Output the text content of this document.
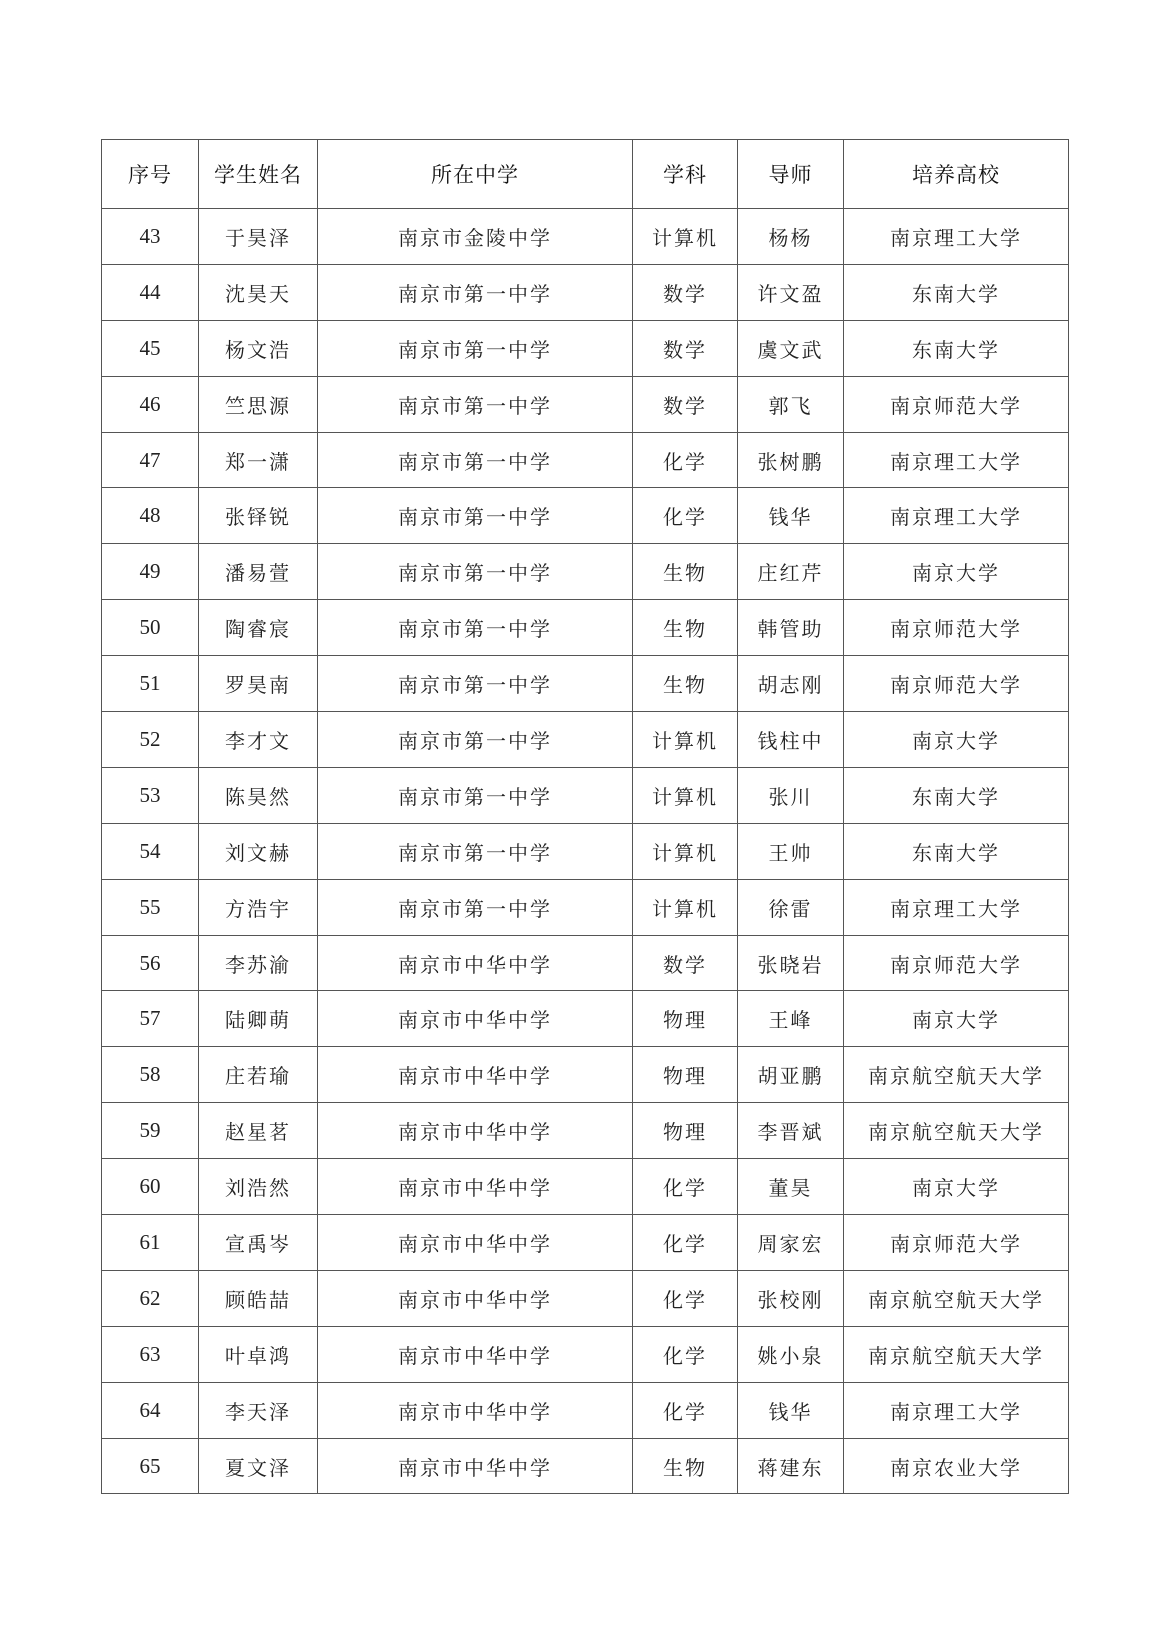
序号	学生姓名	所在中学	学科	导师	培养高校
43	于昊泽	南京市金陵中学	计算机	杨杨	南京理工大学
44	沈昊天	南京市第一中学	数学	许文盈	东南大学
45	杨文浩	南京市第一中学	数学	虞文武	东南大学
46	竺思源	南京市第一中学	数学	郭飞	南京师范大学
47	郑一潇	南京市第一中学	化学	张树鹏	南京理工大学
48	张铎锐	南京市第一中学	化学	钱华	南京理工大学
49	潘易萱	南京市第一中学	生物	庄红芹	南京大学
50	陶睿宸	南京市第一中学	生物	韩管助	南京师范大学
51	罗昊南	南京市第一中学	生物	胡志刚	南京师范大学
52	李才文	南京市第一中学	计算机	钱柱中	南京大学
53	陈昊然	南京市第一中学	计算机	张川	东南大学
54	刘文赫	南京市第一中学	计算机	王帅	东南大学
55	方浩宇	南京市第一中学	计算机	徐雷	南京理工大学
56	李苏渝	南京市中华中学	数学	张晓岩	南京师范大学
57	陆卿萌	南京市中华中学	物理	王峰	南京大学
58	庄若瑜	南京市中华中学	物理	胡亚鹏	南京航空航天大学
59	赵星茗	南京市中华中学	物理	李晋斌	南京航空航天大学
60	刘浩然	南京市中华中学	化学	董昊	南京大学
61	宣禹岑	南京市中华中学	化学	周家宏	南京师范大学
62	顾皓喆	南京市中华中学	化学	张校刚	南京航空航天大学
63	叶卓鸿	南京市中华中学	化学	姚小泉	南京航空航天大学
64	李天泽	南京市中华中学	化学	钱华	南京理工大学
65	夏文泽	南京市中华中学	生物	蒋建东	南京农业大学
